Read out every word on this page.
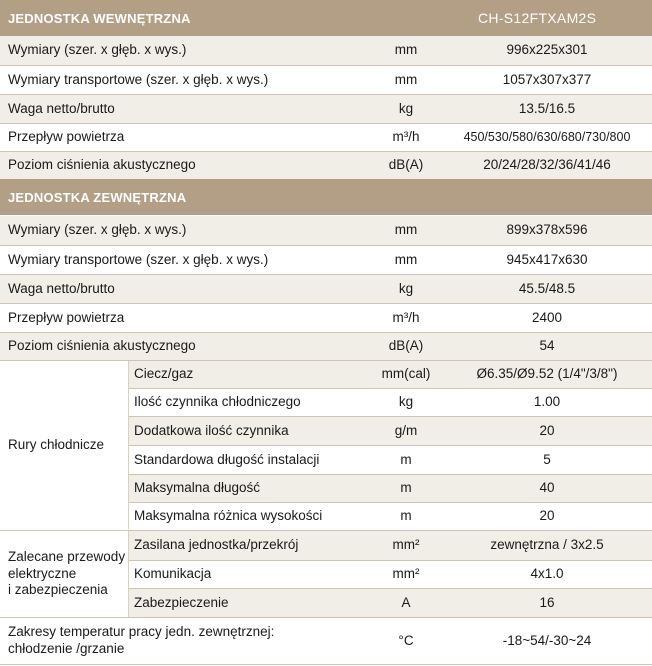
JEDNOSTKA WEWNĘTRZNA	CH-S12FTXAM2S
Wymiary (szer. x głęb. x wys.)	mm	996x225x301
Wymiary transportowe (szer. x głęb. x wys.)	mm	1057x307x377
Waga netto/brutto	kg	13.5/16.5
Przepływ powietrza	m³/h	450/530/580/630/680/730/800
Poziom ciśnienia akustycznego	dB(A)	20/24/28/32/36/41/46
JEDNOSTKA ZEWNĘTRZNA
Wymiary (szer. x głęb. x wys.)	mm	899x378x596
Wymiary transportowe (szer. x głęb. x wys.)	mm	945x417x630
Waga netto/brutto	kg	45.5/48.5
Przepływ powietrza	m³/h	2400
Poziom ciśnienia akustycznego	dB(A)	54
Rury chłodnicze
Ciecz/gaz	mm(cal)	Ø6.35/Ø9.52 (1/4"/3/8")
Ilość czynnika chłodniczego	kg	1.00
Dodatkowa ilość czynnika	g/m	20
Standardowa długość instalacji	m	5
Maksymalna długość	m	40
Maksymalna różnica wysokości	m	20
Zalecane przewody
elektryczne
i zabezpieczenia
Zasilana jednostka/przekrój	mm²	zewnętrzna / 3x2.5
Komunikacja	mm²	4x1.0
Zabezpieczenie	A	16
Zakresy temperatur pracy jedn. zewnętrznej:
chłodzenie /grzanie
°C	-18~54/-30~24
